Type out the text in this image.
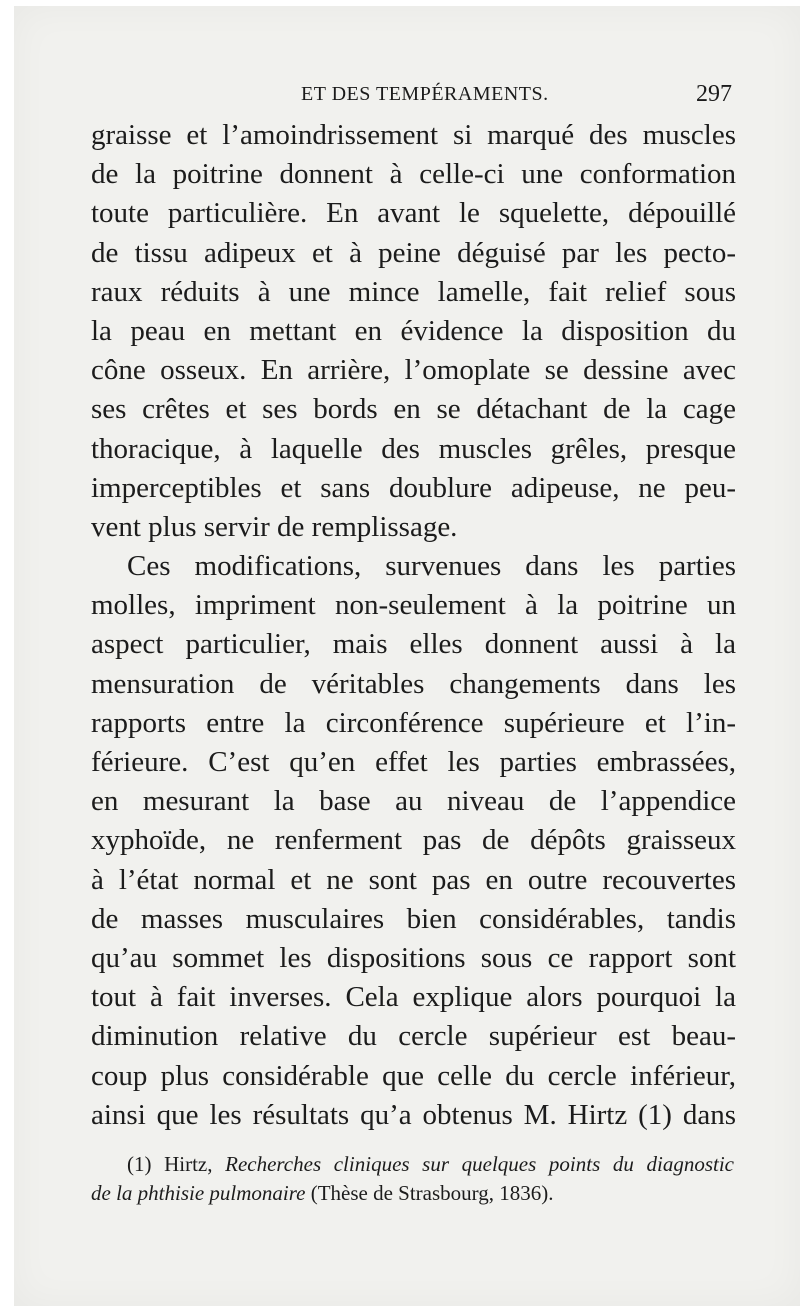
ET DES TEMPÉRAMENTS.	297
graisse et l’amoindrissement si marqué des muscles
de la poitrine donnent à celle-ci une conformation
toute particulière. En avant le squelette, dépouillé
de tissu adipeux et à peine déguisé par les pecto-
raux réduits à une mince lamelle, fait relief sous
la peau en mettant en évidence la disposition du
cône osseux. En arrière, l’omoplate se dessine avec
ses crêtes et ses bords en se détachant de la cage
thoracique, à laquelle des muscles grêles, presque
imperceptibles et sans doublure adipeuse, ne peu-
vent plus servir de remplissage.
Ces modifications, survenues dans les parties
molles, impriment non-seulement à la poitrine un
aspect particulier, mais elles donnent aussi à la
mensuration de véritables changements dans les
rapports entre la circonférence supérieure et l’in-
férieure. C’est qu’en effet les parties embrassées,
en mesurant la base au niveau de l’appendice
xyphoïde, ne renferment pas de dépôts graisseux
à l’état normal et ne sont pas en outre recouvertes
de masses musculaires bien considérables, tandis
qu’au sommet les dispositions sous ce rapport sont
tout à fait inverses. Cela explique alors pourquoi la
diminution relative du cercle supérieur est beau-
coup plus considérable que celle du cercle inférieur,
ainsi que les résultats qu’a obtenus M. Hirtz (1) dans
(1) Hirtz, Recherches cliniques sur quelques points du diagnostic
de la phthisie pulmonaire (Thèse de Strasbourg, 1836).
